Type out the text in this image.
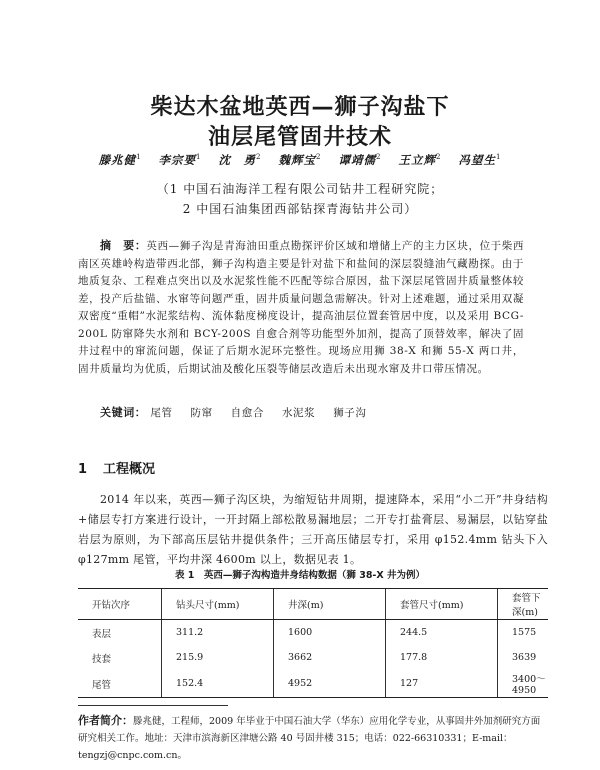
柴达木盆地英西—狮子沟盐下
油层尾管固井技术
滕兆健$^1$ 李宗要$^1$ 沈　勇$^2$ 魏辉宝$^2$ 谭靖儒$^2$ 王立辉$^2$ 冯望生$^1$
（1 中国石油海洋工程有限公司钻井工程研究院；
2 中国石油集团西部钻探青海钻井公司）
摘　要：英西—狮子沟是青海油田重点勘探评价区域和增储上产的主力区块，位于柴西南区英雄岭构造带西北部，狮子沟构造主要是针对盐下和盐间的深层裂缝油气藏勘探。由于地质复杂、工程难点突出以及水泥浆性能不匹配等综合原因，盐下深层尾管固井质量整体较差，投产后盐锚、水窜等问题严重，固井质量问题急需解决。针对上述难题，通过采用双凝双密度“重帽”水泥浆结构、流体黏度梯度设计，提高油层位置套管居中度，以及采用 BCG-200L 防窜降失水剂和 BCY-200S 自愈合剂等功能型外加剂，提高了顶替效率，解决了固井过程中的窜流问题，保证了后期水泥环完整性。现场应用狮 38-X 和狮 55-X 两口井，固井质量均为优质，后期试油及酸化压裂等储层改造后未出现水窜及井口带压情况。
关键词： 尾管 防窜 自愈合 水泥浆 狮子沟
1 工程概况
2014 年以来，英西—狮子沟区块，为缩短钻井周期，提速降本，采用“小二开”井身结构+储层专打方案进行设计，一开封隔上部松散易漏地层；二开专打盐膏层、易漏层，以钻穿盐岩层为原则，为下部高压层钻井提供条件；三开高压储层专打，采用 φ152.4mm 钻头下入 φ127mm 尾管，平均井深 4600m 以上，数据见表 1。
表 1　英西—狮子沟构造井身结构数据（狮 38-X 井为例）
开钻次序	钻头尺寸(mm)	井深(m)	套管尺寸(mm)	套管下深(m)
表层	311.2	1600	244.5	1575
技套	215.9	3662	177.8	3639
尾管	152.4	4952	127	3400～4950
作者简介：滕兆健，工程师，2009 年毕业于中国石油大学（华东）应用化学专业，从事固井外加剂研究方面研究相关工作。地址：天津市滨海新区津塘公路 40 号固井楼 315；电话：022-66310331；E-mail：tengzj@cnpc.com.cn。
